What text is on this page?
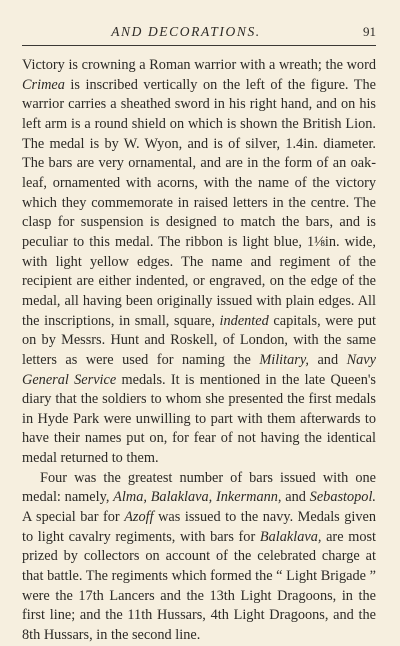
AND DECORATIONS.	91

Victory is crowning a Roman warrior with a wreath; the word Crimea is inscribed vertically on the left of the figure. The warrior carries a sheathed sword in his right hand, and on his left arm is a round shield on which is shown the British Lion. The medal is by W. Wyon, and is of silver, 1.4in. diameter. The bars are very ornamental, and are in the form of an oak-leaf, ornamented with acorns, with the name of the victory which they commemorate in raised letters in the centre. The clasp for suspension is designed to match the bars, and is peculiar to this medal. The ribbon is light blue, 1⅛in. wide, with light yellow edges. The name and regiment of the recipient are either indented, or engraved, on the edge of the medal, all having been originally issued with plain edges. All the inscriptions, in small, square, indented capitals, were put on by Messrs. Hunt and Roskell, of London, with the same letters as were used for naming the Military, and Navy General Service medals. It is mentioned in the late Queen's diary that the soldiers to whom she presented the first medals in Hyde Park were unwilling to part with them afterwards to have their names put on, for fear of not having the identical medal returned to them.

Four was the greatest number of bars issued with one medal: namely, Alma, Balaklava, Inkermann, and Sebastopol. A special bar for Azoff was issued to the navy. Medals given to light cavalry regiments, with bars for Balaklava, are most prized by collectors on account of the celebrated charge at that battle. The regiments which formed the “ Light Brigade ” were the 17th Lancers and the 13th Light Dragoons, in the first line; and the 11th Hussars, 4th Light Dragoons, and the 8th Hussars, in the second line.
